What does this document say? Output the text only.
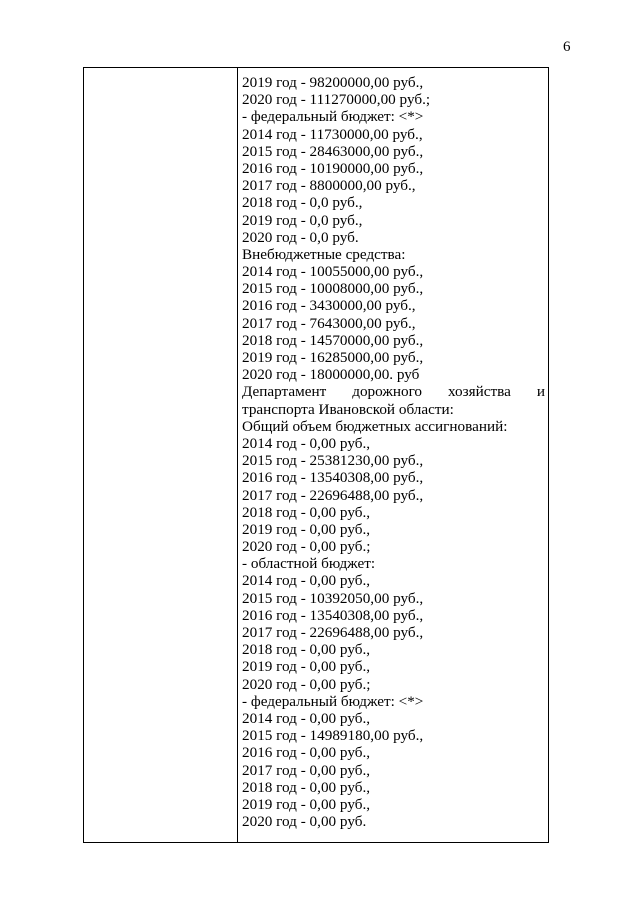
6
2019 год - 98200000,00 руб.,
2020 год - 111270000,00 руб.;
- федеральный бюджет: <*>
2014 год - 11730000,00 руб.,
2015 год - 28463000,00 руб.,
2016 год - 10190000,00 руб.,
2017 год - 8800000,00 руб.,
2018 год - 0,0 руб.,
2019 год - 0,0 руб.,
2020 год - 0,0 руб.
Внебюджетные средства:
2014 год - 10055000,00 руб.,
2015 год - 10008000,00 руб.,
2016 год - 3430000,00 руб.,
2017 год - 7643000,00 руб.,
2018 год - 14570000,00 руб.,
2019 год - 16285000,00 руб.,
2020 год - 18000000,00. руб
Департамент дорожного хозяйства и
транспорта Ивановской области:
Общий объем бюджетных ассигнований:
2014 год - 0,00 руб.,
2015 год - 25381230,00 руб.,
2016 год - 13540308,00 руб.,
2017 год - 22696488,00 руб.,
2018 год - 0,00 руб.,
2019 год - 0,00 руб.,
2020 год - 0,00 руб.;
- областной бюджет:
2014 год - 0,00 руб.,
2015 год - 10392050,00 руб.,
2016 год - 13540308,00 руб.,
2017 год - 22696488,00 руб.,
2018 год - 0,00 руб.,
2019 год - 0,00 руб.,
2020 год - 0,00 руб.;
- федеральный бюджет: <*>
2014 год - 0,00 руб.,
2015 год - 14989180,00 руб.,
2016 год - 0,00 руб.,
2017 год - 0,00 руб.,
2018 год - 0,00 руб.,
2019 год - 0,00 руб.,
2020 год - 0,00 руб.
